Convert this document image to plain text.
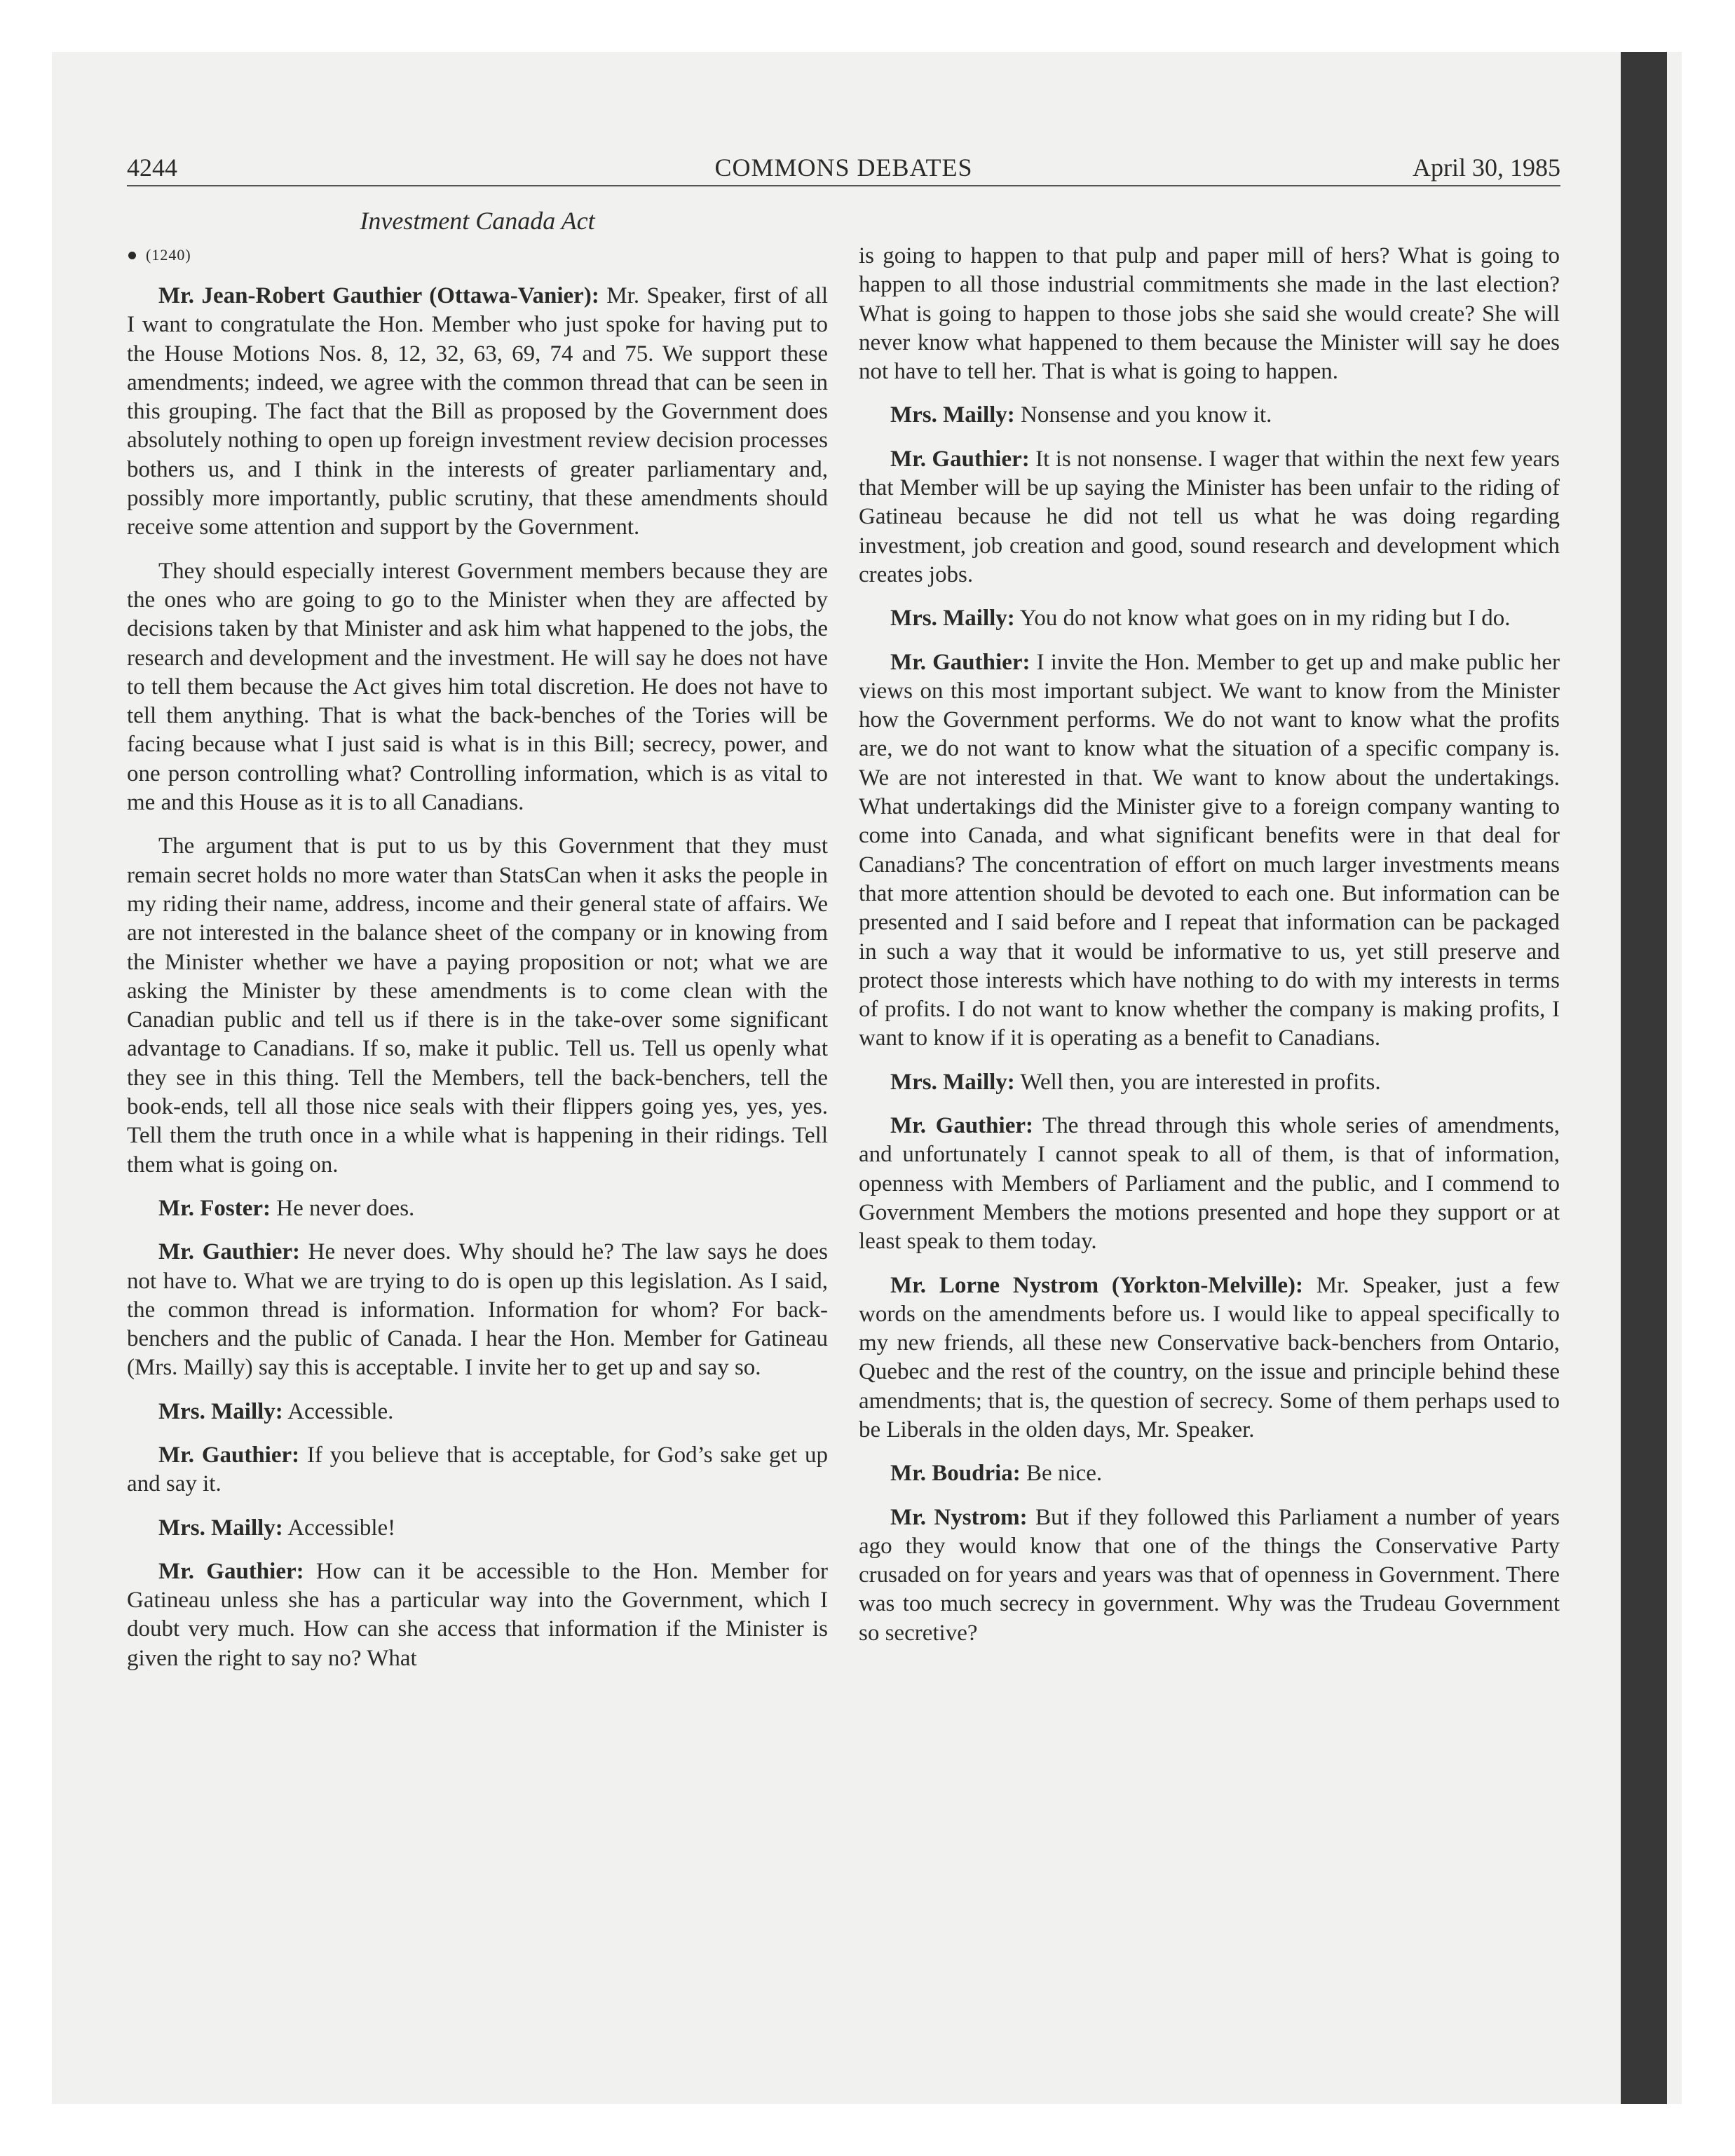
4244	COMMONS DEBATES	April 30, 1985
Investment Canada Act
(1240)

Mr. Jean-Robert Gauthier (Ottawa-Vanier): Mr. Speaker, first of all I want to congratulate the Hon. Member who just spoke for having put to the House Motions Nos. 8, 12, 32, 63, 69, 74 and 75. We support these amendments; indeed, we agree with the common thread that can be seen in this grouping. The fact that the Bill as proposed by the Government does absolutely nothing to open up foreign investment review decision processes bothers us, and I think in the interests of greater parliamentary and, possibly more importantly, public scrutiny, that these amendments should receive some attention and support by the Government.

They should especially interest Government members because they are the ones who are going to go to the Minister when they are affected by decisions taken by that Minister and ask him what happened to the jobs, the research and development and the investment. He will say he does not have to tell them because the Act gives him total discretion. He does not have to tell them anything. That is what the back-benches of the Tories will be facing because what I just said is what is in this Bill; secrecy, power, and one person controlling what? Controlling information, which is as vital to me and this House as it is to all Canadians.

The argument that is put to us by this Government that they must remain secret holds no more water than StatsCan when it asks the people in my riding their name, address, income and their general state of affairs. We are not interested in the balance sheet of the company or in knowing from the Minister whether we have a paying proposition or not; what we are asking the Minister by these amendments is to come clean with the Canadian public and tell us if there is in the take-over some significant advantage to Canadians. If so, make it public. Tell us. Tell us openly what they see in this thing. Tell the Members, tell the back-benchers, tell the book-ends, tell all those nice seals with their flippers going yes, yes, yes. Tell them the truth once in a while what is happening in their ridings. Tell them what is going on.

Mr. Foster: He never does.

Mr. Gauthier: He never does. Why should he? The law says he does not have to. What we are trying to do is open up this legislation. As I said, the common thread is information. Information for whom? For back-benchers and the public of Canada. I hear the Hon. Member for Gatineau (Mrs. Mailly) say this is acceptable. I invite her to get up and say so.

Mrs. Mailly: Accessible.

Mr. Gauthier: If you believe that is acceptable, for God’s sake get up and say it.

Mrs. Mailly: Accessible!

Mr. Gauthier: How can it be accessible to the Hon. Member for Gatineau unless she has a particular way into the Government, which I doubt very much. How can she access that information if the Minister is given the right to say no? What

is going to happen to that pulp and paper mill of hers? What is going to happen to all those industrial commitments she made in the last election? What is going to happen to those jobs she said she would create? She will never know what happened to them because the Minister will say he does not have to tell her. That is what is going to happen.

Mrs. Mailly: Nonsense and you know it.

Mr. Gauthier: It is not nonsense. I wager that within the next few years that Member will be up saying the Minister has been unfair to the riding of Gatineau because he did not tell us what he was doing regarding investment, job creation and good, sound research and development which creates jobs.

Mrs. Mailly: You do not know what goes on in my riding but I do.

Mr. Gauthier: I invite the Hon. Member to get up and make public her views on this most important subject. We want to know from the Minister how the Government performs. We do not want to know what the profits are, we do not want to know what the situation of a specific company is. We are not interested in that. We want to know about the undertakings. What undertakings did the Minister give to a foreign company wanting to come into Canada, and what significant benefits were in that deal for Canadians? The concentration of effort on much larger investments means that more attention should be devoted to each one. But information can be presented and I said before and I repeat that information can be packaged in such a way that it would be informative to us, yet still preserve and protect those interests which have nothing to do with my interests in terms of profits. I do not want to know whether the company is making profits, I want to know if it is operating as a benefit to Canadians.

Mrs. Mailly: Well then, you are interested in profits.

Mr. Gauthier: The thread through this whole series of amendments, and unfortunately I cannot speak to all of them, is that of information, openness with Members of Parliament and the public, and I commend to Government Members the motions presented and hope they support or at least speak to them today.

Mr. Lorne Nystrom (Yorkton-Melville): Mr. Speaker, just a few words on the amendments before us. I would like to appeal specifically to my new friends, all these new Conservative back-benchers from Ontario, Quebec and the rest of the country, on the issue and principle behind these amendments; that is, the question of secrecy. Some of them perhaps used to be Liberals in the olden days, Mr. Speaker.

Mr. Boudria: Be nice.

Mr. Nystrom: But if they followed this Parliament a number of years ago they would know that one of the things the Conservative Party crusaded on for years and years was that of openness in Government. There was too much secrecy in government. Why was the Trudeau Government so secretive?
